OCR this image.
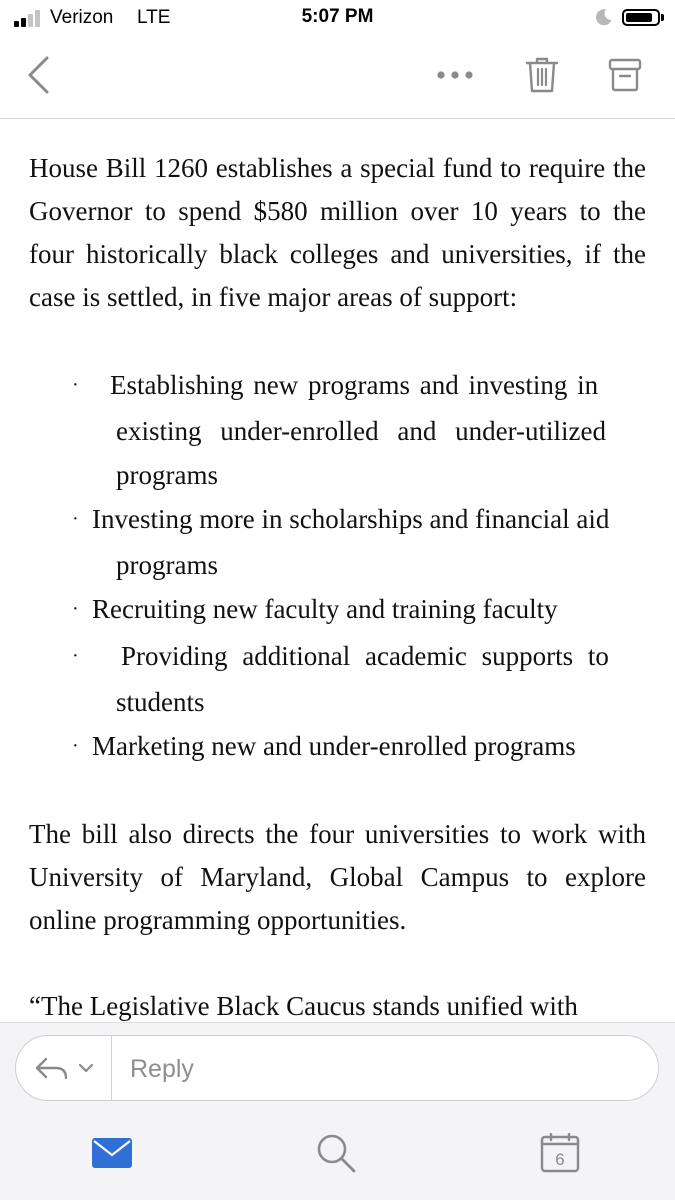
Verizon LTE	5:07 PM

House Bill 1260 establishes a special fund to require the Governor to spend $580 million over 10 years to the four historically black colleges and universities, if the case is settled, in five major areas of support:

· Establishing new programs and investing in
existing under-enrolled and under-utilized
programs
· Investing more in scholarships and financial aid
programs
· Recruiting new faculty and training faculty
· Providing additional academic supports to
students
· Marketing new and under-enrolled programs

The bill also directs the four universities to work with University of Maryland, Global Campus to explore online programming opportunities.

“The Legislative Black Caucus stands unified with

Reply
6
